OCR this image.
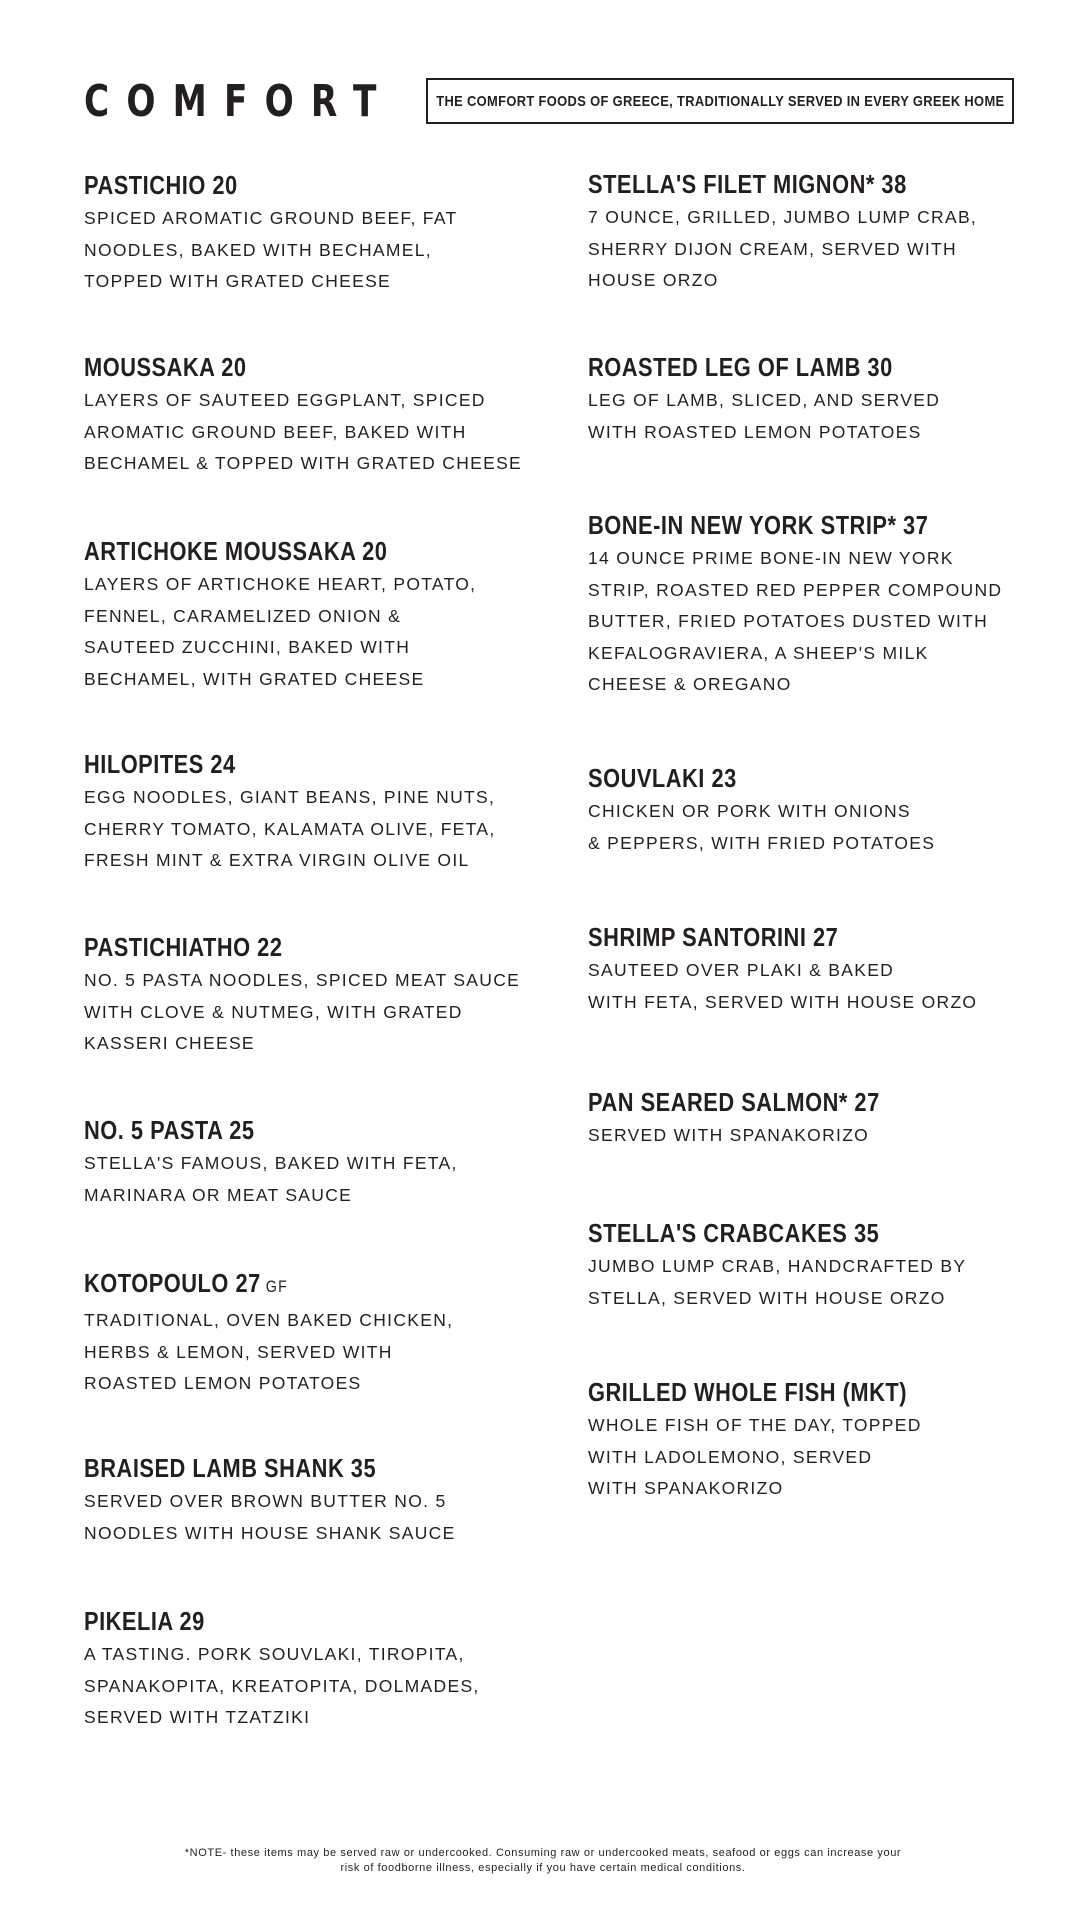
COMFORT	THE COMFORT FOODS OF GREECE, TRADITIONALLY SERVED IN EVERY GREEK HOME
PASTICHIO 20
SPICED AROMATIC GROUND BEEF, FAT
NOODLES, BAKED WITH BECHAMEL,
TOPPED WITH GRATED CHEESE
MOUSSAKA 20
LAYERS OF SAUTEED EGGPLANT, SPICED
AROMATIC GROUND BEEF, BAKED WITH
BECHAMEL & TOPPED WITH GRATED CHEESE
ARTICHOKE MOUSSAKA 20
LAYERS OF ARTICHOKE HEART, POTATO,
FENNEL, CARAMELIZED ONION &
SAUTEED ZUCCHINI, BAKED WITH
BECHAMEL, WITH GRATED CHEESE
HILOPITES 24
EGG NOODLES, GIANT BEANS, PINE NUTS,
CHERRY TOMATO, KALAMATA OLIVE, FETA,
FRESH MINT & EXTRA VIRGIN OLIVE OIL
PASTICHIATHO 22
NO. 5 PASTA NOODLES, SPICED MEAT SAUCE
WITH CLOVE & NUTMEG, WITH GRATED
KASSERI CHEESE
NO. 5 PASTA 25
STELLA'S FAMOUS, BAKED WITH FETA,
MARINARA OR MEAT SAUCE
KOTOPOULO 27 GF
TRADITIONAL, OVEN BAKED CHICKEN,
HERBS & LEMON, SERVED WITH
ROASTED LEMON POTATOES
BRAISED LAMB SHANK 35
SERVED OVER BROWN BUTTER NO. 5
NOODLES WITH HOUSE SHANK SAUCE
PIKELIA 29
A TASTING. PORK SOUVLAKI, TIROPITA,
SPANAKOPITA, KREATOPITA, DOLMADES,
SERVED WITH TZATZIKI
STELLA'S FILET MIGNON* 38
7 OUNCE, GRILLED, JUMBO LUMP CRAB,
SHERRY DIJON CREAM, SERVED WITH
HOUSE ORZO
ROASTED LEG OF LAMB 30
LEG OF LAMB, SLICED, AND SERVED
WITH ROASTED LEMON POTATOES
BONE-IN NEW YORK STRIP* 37
14 OUNCE PRIME BONE-IN NEW YORK
STRIP, ROASTED RED PEPPER COMPOUND
BUTTER, FRIED POTATOES DUSTED WITH
KEFALOGRAVIERA, A SHEEP'S MILK
CHEESE & OREGANO
SOUVLAKI 23
CHICKEN OR PORK WITH ONIONS
& PEPPERS, WITH FRIED POTATOES
SHRIMP SANTORINI 27
SAUTEED OVER PLAKI & BAKED
WITH FETA, SERVED WITH HOUSE ORZO
PAN SEARED SALMON* 27
SERVED WITH SPANAKORIZO
STELLA'S CRABCAKES 35
JUMBO LUMP CRAB, HANDCRAFTED BY
STELLA, SERVED WITH HOUSE ORZO
GRILLED WHOLE FISH (MKT)
WHOLE FISH OF THE DAY, TOPPED
WITH LADOLEMONO, SERVED
WITH SPANAKORIZO
*NOTE- these items may be served raw or undercooked. Consuming raw or undercooked meats, seafood or eggs can increase your
risk of foodborne illness, especially if you have certain medical conditions.
